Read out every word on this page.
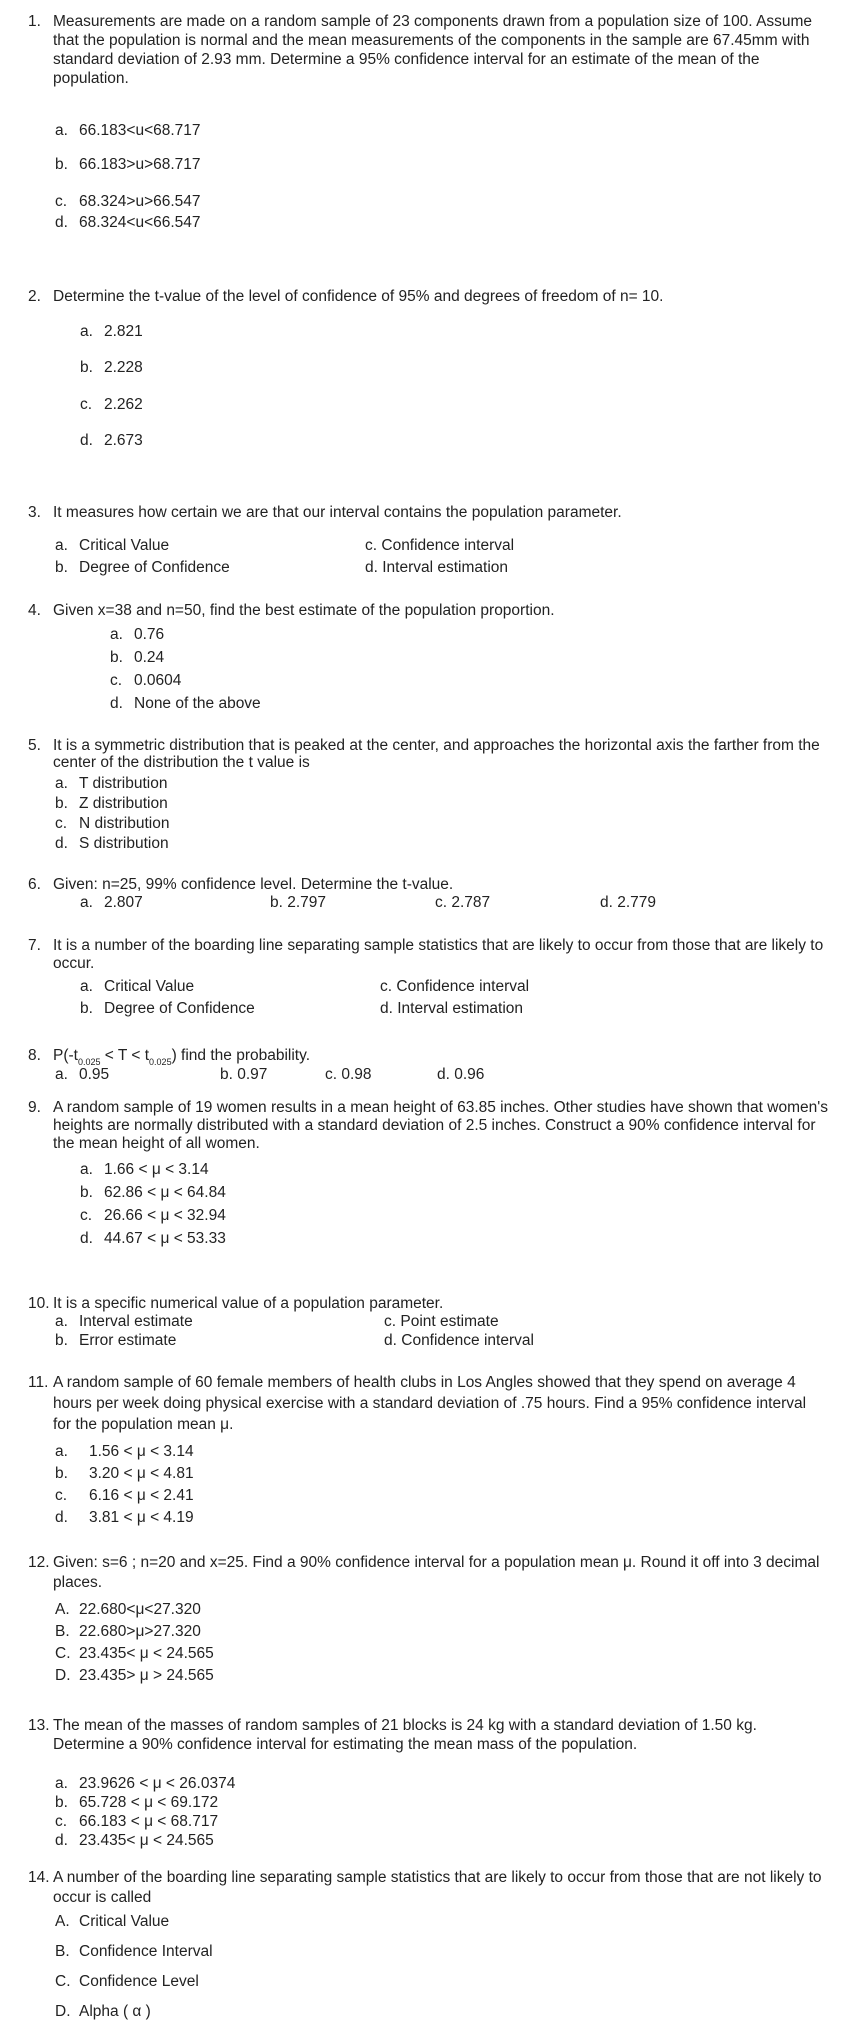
1. Measurements are made on a random sample of 23 components drawn from a population size of 100. Assume that the population is normal and the mean measurements of the components in the sample are 67.45mm with standard deviation of 2.93 mm. Determine a 95% confidence interval for an estimate of the mean of the population.
a. 66.183<u<68.717
b. 66.183>u>68.717
c. 68.324>u>66.547
d. 68.324<u<66.547
2. Determine the t-value of the level of confidence of 95% and degrees of freedom of n= 10.
a. 2.821
b. 2.228
c. 2.262
d. 2.673
3. It measures how certain we are that our interval contains the population parameter.
a. Critical Value
b. Degree of Confidence
c. Confidence interval
d. Interval estimation
4. Given x=38 and n=50, find the best estimate of the population proportion.
a. 0.76
b. 0.24
c. 0.0604
d. None of the above
5. It is a symmetric distribution that is peaked at the center, and approaches the horizontal axis the farther from the center of the distribution the t value is
a. T distribution
b. Z distribution
c. N distribution
d. S distribution
6. Given: n=25, 99% confidence level. Determine the t-value.
a. 2.807	b. 2.797	c. 2.787	d. 2.779
7. It is a number of the boarding line separating sample statistics that are likely to occur from those that are likely to occur.
a. Critical Value
b. Degree of Confidence
c. Confidence interval
d. Interval estimation
8. $P(-t_{0.025} < T < t_{0.025})$ find the probability.
a. 0.95	b. 0.97	c. 0.98	d. 0.96
9. A random sample of 19 women results in a mean height of 63.85 inches. Other studies have shown that women's heights are normally distributed with a standard deviation of 2.5 inches. Construct a 90% confidence interval for the mean height of all women.
a. 1.66 < μ < 3.14
b. 62.86 < μ < 64.84
c. 26.66 < μ < 32.94
d. 44.67 < μ < 53.33
10. It is a specific numerical value of a population parameter.
a. Interval estimate
b. Error estimate
c. Point estimate
d. Confidence interval
11. A random sample of 60 female members of health clubs in Los Angles showed that they spend on average 4 hours per week doing physical exercise with a standard deviation of .75 hours. Find a 95% confidence interval for the population mean μ.
a. 1.56 < μ < 3.14
b. 3.20 < μ < 4.81
c. 6.16 < μ < 2.41
d. 3.81 < μ < 4.19
12. Given: s=6 ; n=20 and x=25. Find a 90% confidence interval for a population mean μ. Round it off into 3 decimal places.
A. 22.680<μ<27.320
B. 22.680>μ>27.320
C. 23.435< μ < 24.565
D. 23.435> μ > 24.565
13. The mean of the masses of random samples of 21 blocks is 24 kg with a standard deviation of 1.50 kg. Determine a 90% confidence interval for estimating the mean mass of the population.
a. 23.9626 < μ < 26.0374
b. 65.728 < μ < 69.172
c. 66.183 < μ < 68.717
d. 23.435< μ < 24.565
14. A number of the boarding line separating sample statistics that are likely to occur from those that are not likely to occur is called
A. Critical Value
B. Confidence Interval
C. Confidence Level
D. Alpha ( α )
